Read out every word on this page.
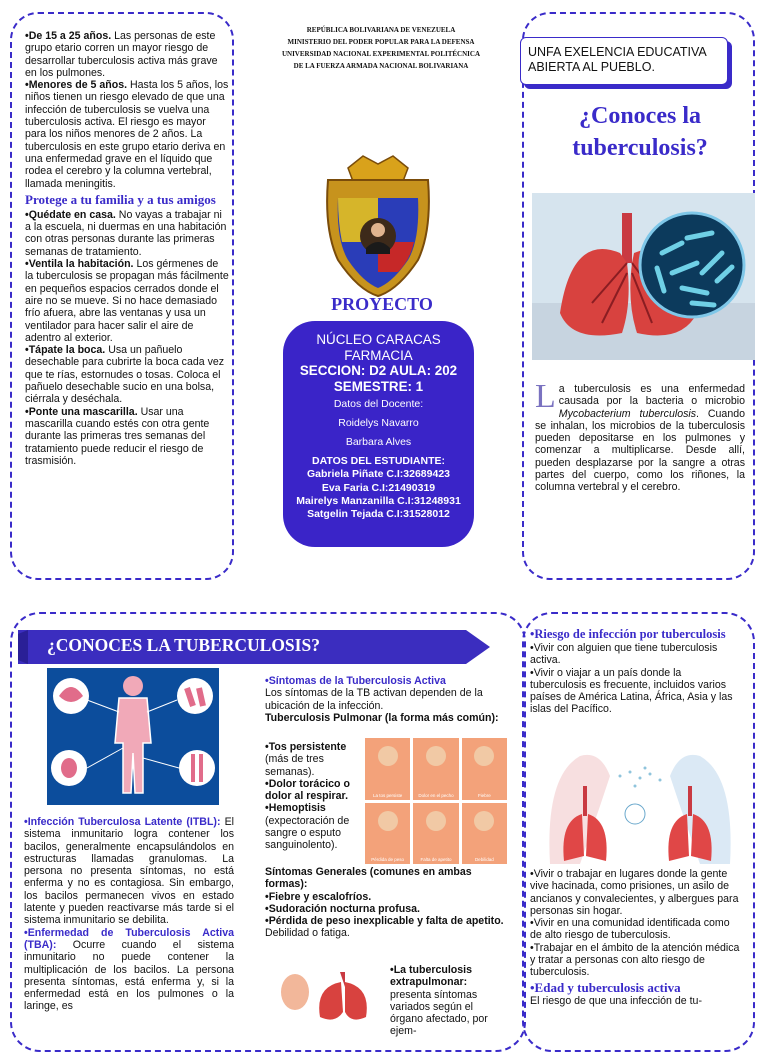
•De 15 a 25 años. Las personas de este grupo etario corren un mayor riesgo de desarrollar tuberculosis activa más grave en los pulmones.

•Menores de 5 años. Hasta los 5 años, los niños tienen un riesgo elevado de que una infección de tuberculosis se vuelva una tuberculosis activa. El riesgo es mayor para los niños menores de 2 años. La tuberculosis en este grupo etario deriva en una enfermedad grave en el líquido que rodea el cerebro y la columna vertebral, llamada meningitis.

Protege a tu familia y a tus amigos

•Quédate en casa. No vayas a trabajar ni a la escuela, ni duermas en una habitación con otras personas durante las primeras semanas de tratamiento.

•Ventila la habitación. Los gérmenes de la tuberculosis se propagan más fácilmente en pequeños espacios cerrados donde el aire no se mueve. Si no hace demasiado frío afuera, abre las ventanas y usa un ventilador para hacer salir el aire de adentro al exterior.

•Tápate la boca. Usa un pañuelo desechable para cubrirte la boca cada vez que te rías, estornudes o tosas. Coloca el pañuelo desechable sucio en una bolsa, ciérrala y deséchala.

•Ponte una mascarilla. Usar una mascarilla cuando estés con otra gente durante las primeras tres semanas del tratamiento puede reducir el riesgo de trasmisión.

REPÚBLICA BOLIVARIANA DE VENEZUELA
MINISTERIO DEL PODER POPULAR PARA LA DEFENSA
UNIVERSIDAD NACIONAL EXPERIMENTAL POLITÉCNICA
DE LA FUERZA ARMADA NACIONAL BOLIVARIANA
PROYECTO
NÚCLEO CARACAS
FARMACIA
SECCION: D2 AULA: 202
SEMESTRE: 1
Datos del Docente:
Roidelys Navarro
Barbara Alves
DATOS DEL ESTUDIANTE:
Gabriela Piñate C.I:32689423
Eva Faria C.I:21490319
Mairelys Manzanilla C.I:31248931
Satgelin Tejada C.I:31528012
UNFA EXELENCIA EDUCATIVA ABIERTA AL PUEBLO.
¿Conoces la tuberculosis?
L a tuberculosis es una enfermedad causada por la bacteria o microbio Mycobacterium tuberculosis. Cuando se inhalan, los microbios de la tuberculosis pueden depositarse en los pulmones y comenzar a multiplicarse. Desde allí, pueden desplazarse por la sangre a otras partes del cuerpo, como los riñones, la columna vertebral y el cerebro.
¿CONOCES LA TUBERCULOSIS?

•Infección Tuberculosa Latente (ITBL): El sistema inmunitario logra contener los bacilos, generalmente encapsulándolos en estructuras llamadas granulomas. La persona no presenta síntomas, no está enferma y no es contagiosa. Sin embargo, los bacilos permanecen vivos en estado latente y pueden reactivarse más tarde si el sistema inmunitario se debilita.

•Enfermedad de Tuberculosis Activa (TBA): Ocurre cuando el sistema inmunitario no puede contener la multiplicación de los bacilos. La persona presenta síntomas, está enferma y, si la enfermedad está en los pulmones o la laringe, es

•Síntomas de la Tuberculosis Activa

Los síntomas de la TB activan dependen de la ubicación de la infección.

Tuberculosis Pulmonar (la forma más común):

•Tos persistente (más de tres semanas).

•Dolor torácico o dolor al respirar.

•Hemoptisis (expectoración de sangre o esputo sanguinolento).

La tos persiste	Dolor en el pecho	Fiebre
Pérdida de peso	Falta de apetito	Debilidad

Síntomas Generales (comunes en ambas formas):

•Fiebre y escalofríos.

•Sudoración nocturna profusa.

•Pérdida de peso inexplicable y falta de apetito.

Debilidad o fatiga.

•La tuberculosis extrapulmonar: presenta síntomas variados según el órgano afectado, por ejem-

•Riesgo de infección por tuberculosis

•Vivir con alguien que tiene tuberculosis activa.

•Vivir o viajar a un país donde la tuberculosis es frecuente, incluidos varios países de América Latina, África, Asia y las islas del Pacífico.

•Vivir o trabajar en lugares donde la gente vive hacinada, como prisiones, un asilo de ancianos y convalecientes, y albergues para personas sin hogar.

•Vivir en una comunidad identificada como de alto riesgo de tuberculosis.

•Trabajar en el ámbito de la atención médica y tratar a personas con alto riesgo de tuberculosis.

•Edad y tuberculosis activa

El riesgo de que una infección de tu-
